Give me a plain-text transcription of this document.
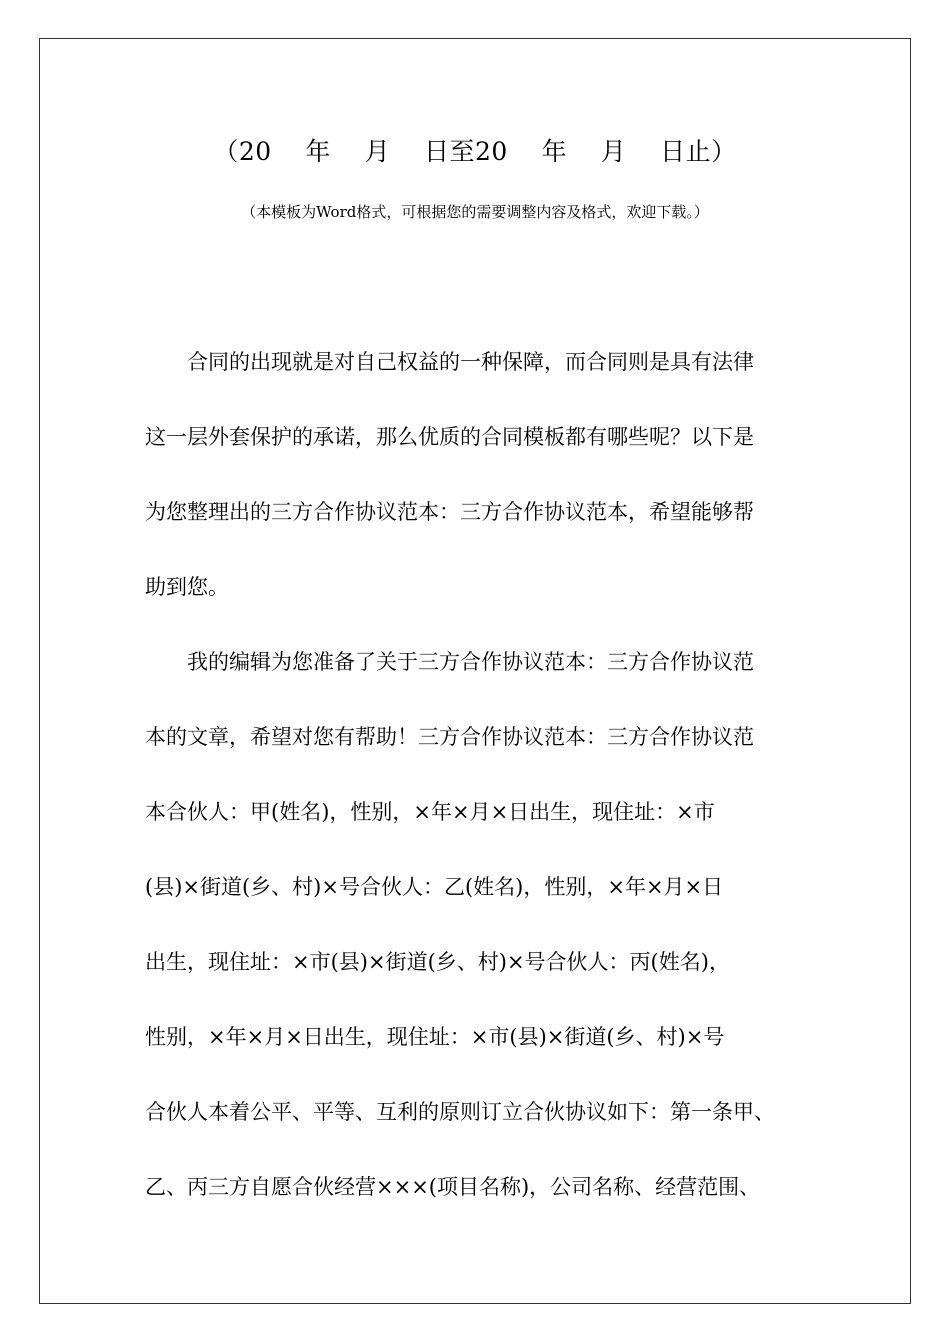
（20    年    月    日至20    年    月    日止）
（本模板为Word格式，可根据您的需要调整内容及格式，欢迎下载。）
　　合同的出现就是对自己权益的一种保障，而合同则是具有法律
这一层外套保护的承诺，那么优质的合同模板都有哪些呢？以下是
为您整理出的三方合作协议范本：三方合作协议范本，希望能够帮
助到您。
　　我的编辑为您准备了关于三方合作协议范本：三方合作协议范
本的文章，希望对您有帮助！三方合作协议范本：三方合作协议范
本合伙人：甲(姓名)，性别，×年×月×日出生，现住址：×市
(县)×街道(乡、村)×号合伙人：乙(姓名)，性别，×年×月×日
出生，现住址：×市(县)×街道(乡、村)×号合伙人：丙(姓名)，
性别，×年×月×日出生，现住址：×市(县)×街道(乡、村)×号
合伙人本着公平、平等、互利的原则订立合伙协议如下：第一条甲、
乙、丙三方自愿合伙经营×××(项目名称)，公司名称、经营范围、
